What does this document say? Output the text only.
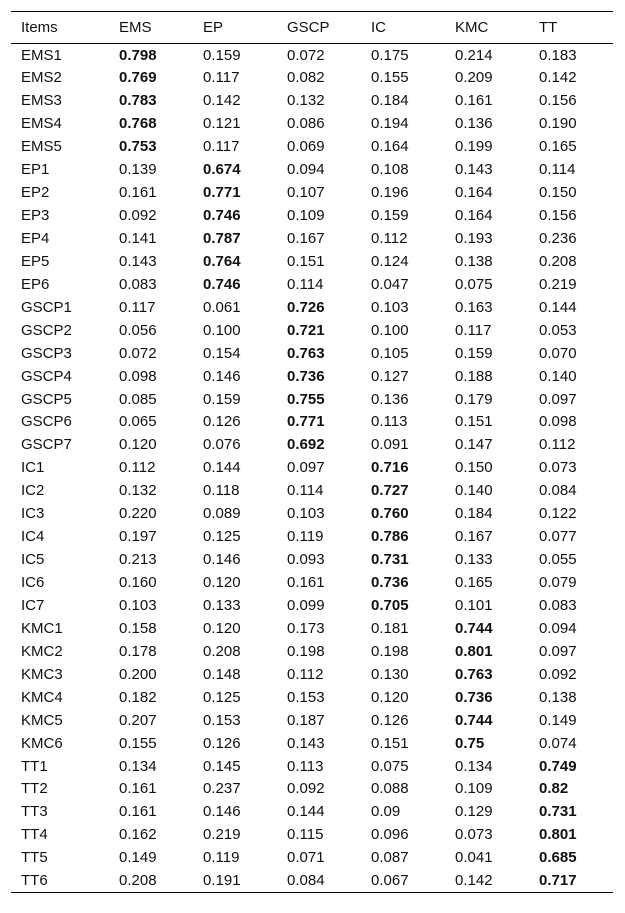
Items	EMS	EP	GSCP	IC	KMC	TT
EMS1	0.798	0.159	0.072	0.175	0.214	0.183
EMS2	0.769	0.117	0.082	0.155	0.209	0.142
EMS3	0.783	0.142	0.132	0.184	0.161	0.156
EMS4	0.768	0.121	0.086	0.194	0.136	0.190
EMS5	0.753	0.117	0.069	0.164	0.199	0.165
EP1	0.139	0.674	0.094	0.108	0.143	0.114
EP2	0.161	0.771	0.107	0.196	0.164	0.150
EP3	0.092	0.746	0.109	0.159	0.164	0.156
EP4	0.141	0.787	0.167	0.112	0.193	0.236
EP5	0.143	0.764	0.151	0.124	0.138	0.208
EP6	0.083	0.746	0.114	0.047	0.075	0.219
GSCP1	0.117	0.061	0.726	0.103	0.163	0.144
GSCP2	0.056	0.100	0.721	0.100	0.117	0.053
GSCP3	0.072	0.154	0.763	0.105	0.159	0.070
GSCP4	0.098	0.146	0.736	0.127	0.188	0.140
GSCP5	0.085	0.159	0.755	0.136	0.179	0.097
GSCP6	0.065	0.126	0.771	0.113	0.151	0.098
GSCP7	0.120	0.076	0.692	0.091	0.147	0.112
IC1	0.112	0.144	0.097	0.716	0.150	0.073
IC2	0.132	0.118	0.114	0.727	0.140	0.084
IC3	0.220	0.089	0.103	0.760	0.184	0.122
IC4	0.197	0.125	0.119	0.786	0.167	0.077
IC5	0.213	0.146	0.093	0.731	0.133	0.055
IC6	0.160	0.120	0.161	0.736	0.165	0.079
IC7	0.103	0.133	0.099	0.705	0.101	0.083
KMC1	0.158	0.120	0.173	0.181	0.744	0.094
KMC2	0.178	0.208	0.198	0.198	0.801	0.097
KMC3	0.200	0.148	0.112	0.130	0.763	0.092
KMC4	0.182	0.125	0.153	0.120	0.736	0.138
KMC5	0.207	0.153	0.187	0.126	0.744	0.149
KMC6	0.155	0.126	0.143	0.151	0.75	0.074
TT1	0.134	0.145	0.113	0.075	0.134	0.749
TT2	0.161	0.237	0.092	0.088	0.109	0.82
TT3	0.161	0.146	0.144	0.09	0.129	0.731
TT4	0.162	0.219	0.115	0.096	0.073	0.801
TT5	0.149	0.119	0.071	0.087	0.041	0.685
TT6	0.208	0.191	0.084	0.067	0.142	0.717
